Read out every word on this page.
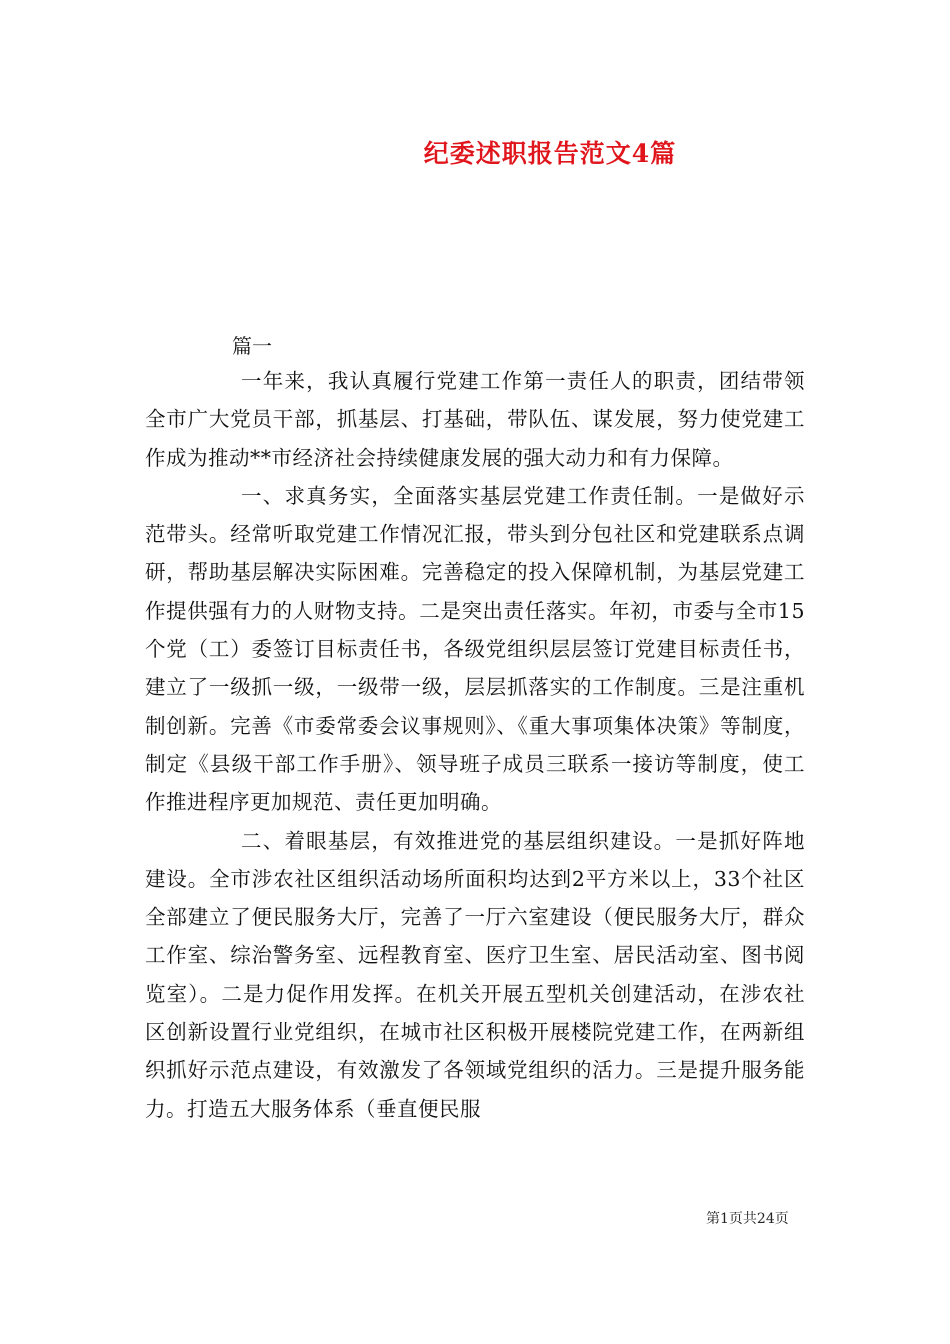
纪委述职报告范文4篇

篇一

一年来，我认真履行党建工作第一责任人的职责，团结带领全市广大党员干部，抓基层、打基础，带队伍、谋发展，努力使党建工作成为推动**市经济社会持续健康发展的强大动力和有力保障。

一、求真务实，全面落实基层党建工作责任制。一是做好示范带头。经常听取党建工作情况汇报，带头到分包社区和党建联系点调研，帮助基层解决实际困难。完善稳定的投入保障机制，为基层党建工作提供强有力的人财物支持。二是突出责任落实。年初，市委与全市15个党（工）委签订目标责任书，各级党组织层层签订党建目标责任书，建立了一级抓一级，一级带一级，层层抓落实的工作制度。三是注重机制创新。完善《市委常委会议事规则》、《重大事项集体决策》等制度，制定《县级干部工作手册》、领导班子成员三联系一接访等制度，使工作推进程序更加规范、责任更加明确。

二、着眼基层，有效推进党的基层组织建设。一是抓好阵地建设。全市涉农社区组织活动场所面积均达到2平方米以上，33个社区全部建立了便民服务大厅，完善了一厅六室建设（便民服务大厅，群众工作室、综治警务室、远程教育室、医疗卫生室、居民活动室、图书阅览室）。二是力促作用发挥。在机关开展五型机关创建活动，在涉农社区创新设置行业党组织，在城市社区积极开展楼院党建工作，在两新组织抓好示范点建设，有效激发了各领域党组织的活力。三是提升服务能力。打造五大服务体系（垂直便民服

第1页共24页
